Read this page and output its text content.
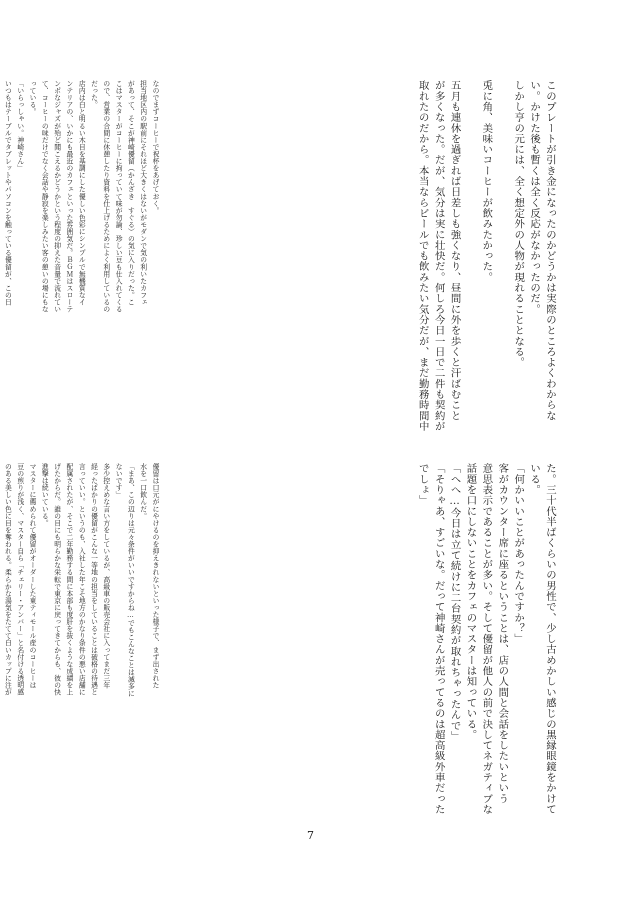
このプレートが引き金になったのかどうかは実際のところよくわからな

い。かけた後も暫くは全く反応がなかったのだ。

しかし亨の元には、全く想定外の人物が現れることとなる。

兎に角、美味いコーヒーが飲みたかった。

五月も連休を過ぎれば日差しも強くなり、昼間に外を歩くと汗ばむこと

が多くなった。だが、気分は実に壮快だ。何しろ今日一日で二件も契約が

取れたのだから。本当ならビールでも飲みたい気分だが、まだ勤務時間中

なのでまずコーヒーで祝杯をあげておく。

担当地区内の駅前にそれほど大きくはないがモダンで気の利いたカフェ

があって、そこが神崎優留（かんざき　すぐる）の気に入りだった。こ

こはマスターがコーヒーに拘っていて味が勿論、珍しい豆も仕入れてくる

ので、営業の合間に休憩したり資料を仕上げるためによく利用しているの

だった。

店内は白と明るい木目を基調にした優しい色彩にシンプルで無機質なイ

ンテリアの、いかにも最近のカフェといった雰囲気だ。ＢＧＭはスローテ

ンポなジャズが殆ど聞こえるかどうかという程度の抑えた音量で流れてい

て、コーヒーの味だけでなく会話や静寂を楽しみたい客の憩いの場にもな

っている。

「いらっしゃい。神崎さん」

いつもはテーブルでタブレットやパソコンを触っている優留が、この日

た。三十代半ばくらいの男性で、少し古めかしい感じの黒縁眼鏡をかけて

いる。

「何かいいことがあったんですか？」

客がカウンター席に座るということは、店の人間と会話をしたいという

意思表示であることが多い。そして優留が他人の前で決してネガティブな

話題を口にしないことをカフェのマスターは知っている。

「へへ…今日は立て続けに二台契約が取れちゃったんで」

「そりゃあ、すごいな。だって神崎さんが売ってるのは超高級外車だった

でしょ」

優留は口元がにやけるのを抑えきれないといった様子で、まず出された

水を一口飲んだ。

「まあ、この辺りは元々条件がいいですからね…でもこんなことは滅多に

ないです」

多少控えめな言い方をしているが、高級車の販売会社に入ってまだ三年

経ったばかりの優留がこんな一等地の担当をしていることは破格の待遇と

言っていい。というのも、入社した年こそ地方のかなり条件の悪い店舗に

配属されたが、そこで二年勤務する間に本部も度肝を抜くような成績を上

げたからだ。誰の目にも明らかな栄転で東京に戻ってきてからも、彼の快

進撃は続いている。

マスターに薦められて優留がオーダーした東ティモール産のコーヒーは

豆の煎りが浅く、マスター自ら「チェリー・アンバー」と名付ける透明感

のある美しい色に目を奪われる。柔らかな湯気をたてて白いカップに注が

7
